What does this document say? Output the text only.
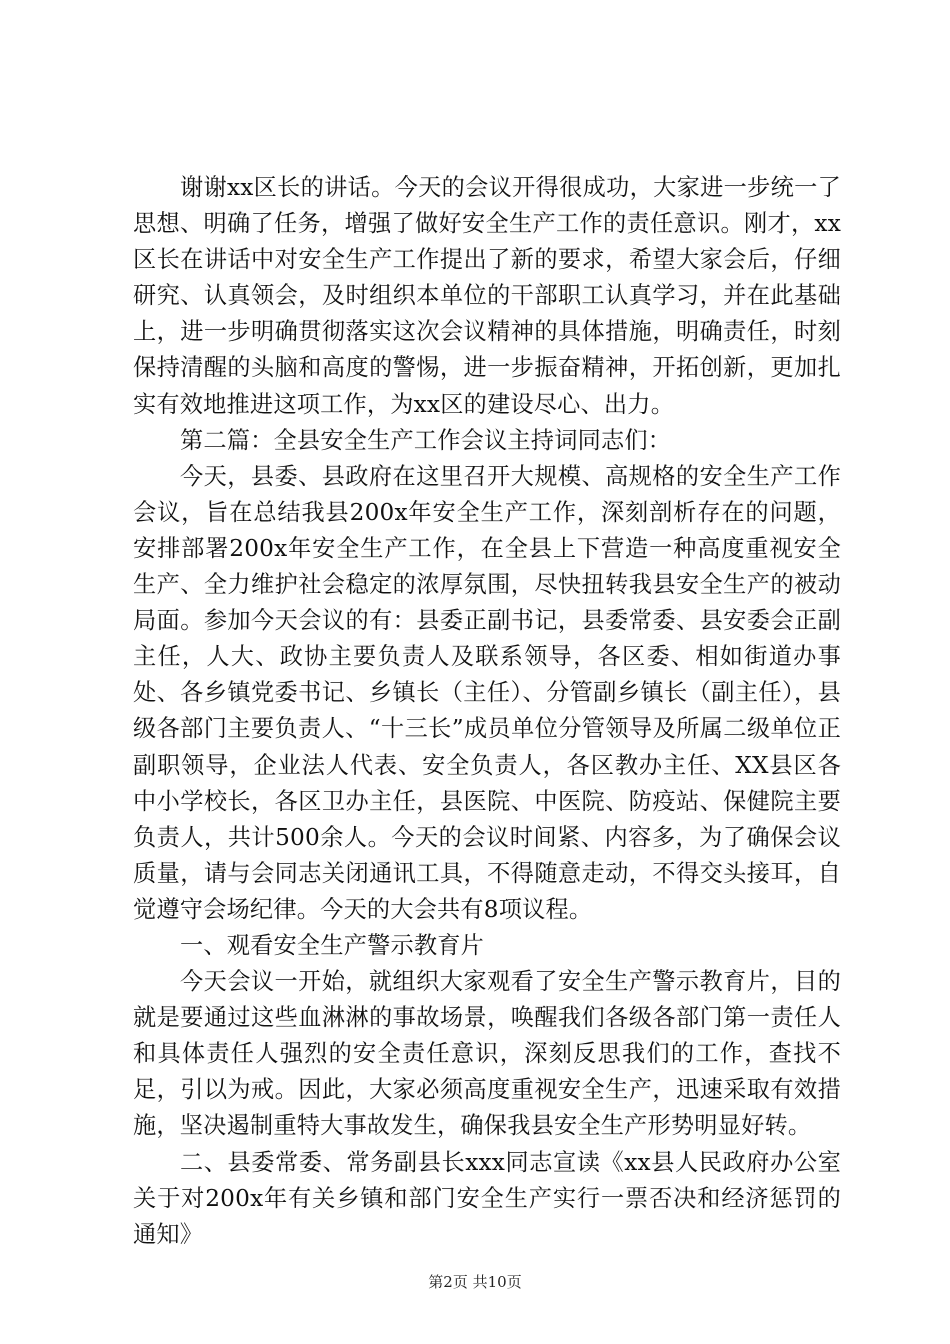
谢谢xx区长的讲话。今天的会议开得很成功，大家进一步统一了思想、明确了任务，增强了做好安全生产工作的责任意识。刚才，xx区长在讲话中对安全生产工作提出了新的要求，希望大家会后，仔细研究、认真领会，及时组织本单位的干部职工认真学习，并在此基础上，进一步明确贯彻落实这次会议精神的具体措施，明确责任，时刻保持清醒的头脑和高度的警惕，进一步振奋精神，开拓创新，更加扎实有效地推进这项工作，为xx区的建设尽心、出力。

第二篇：全县安全生产工作会议主持词同志们：

今天，县委、县政府在这里召开大规模、高规格的安全生产工作会议，旨在总结我县200x年安全生产工作，深刻剖析存在的问题，安排部署200x年安全生产工作，在全县上下营造一种高度重视安全生产、全力维护社会稳定的浓厚氛围，尽快扭转我县安全生产的被动局面。参加今天会议的有：县委正副书记，县委常委、县安委会正副主任，人大、政协主要负责人及联系领导，各区委、相如街道办事处、各乡镇党委书记、乡镇长（主任）、分管副乡镇长（副主任），县级各部门主要负责人、“十三长”成员单位分管领导及所属二级单位正副职领导，企业法人代表、安全负责人，各区教办主任、XX县区各中小学校长，各区卫办主任，县医院、中医院、防疫站、保健院主要负责人，共计500余人。今天的会议时间紧、内容多，为了确保会议质量，请与会同志关闭通讯工具，不得随意走动，不得交头接耳，自觉遵守会场纪律。今天的大会共有8项议程。

一、观看安全生产警示教育片

今天会议一开始，就组织大家观看了安全生产警示教育片，目的就是要通过这些血淋淋的事故场景，唤醒我们各级各部门第一责任人和具体责任人强烈的安全责任意识，深刻反思我们的工作，查找不足，引以为戒。因此，大家必须高度重视安全生产，迅速采取有效措施，坚决遏制重特大事故发生，确保我县安全生产形势明显好转。

二、县委常委、常务副县长xxx同志宣读《xx县人民政府办公室关于对200x年有关乡镇和部门安全生产实行一票否决和经济惩罚的通知》

第2页 共10页
